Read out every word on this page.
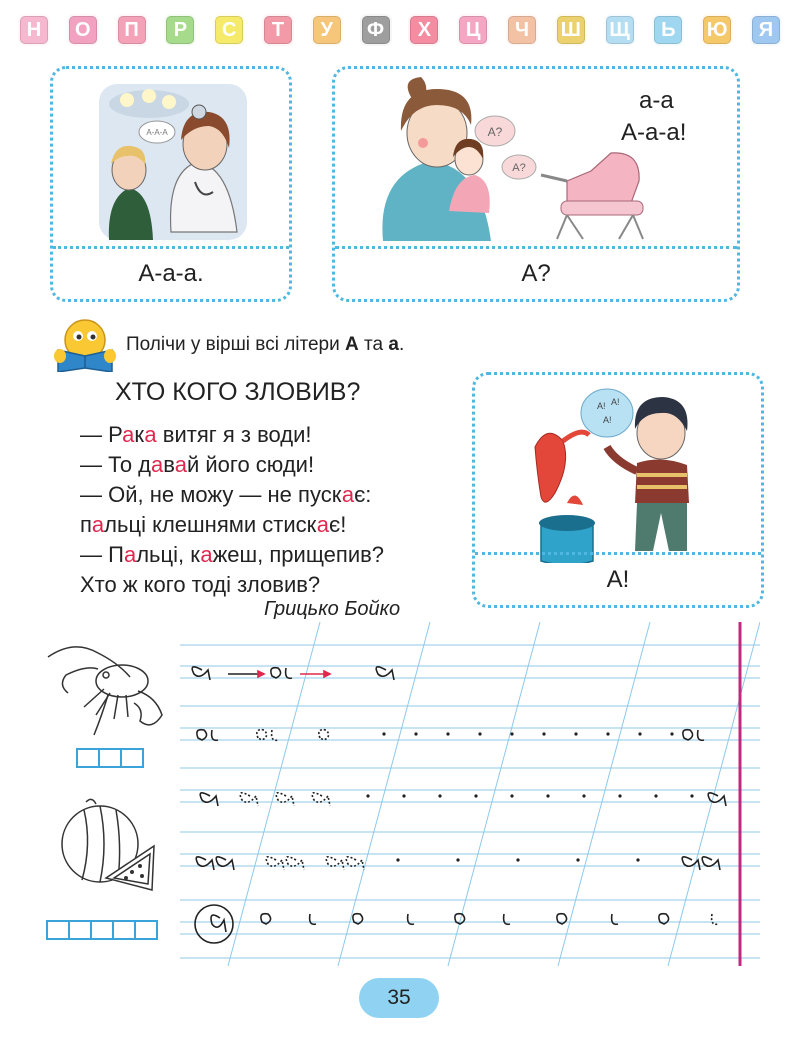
Н	О	П	Р	С	Т	У	Ф	Х	Ц	Ч	Ш Щ	Ь	Ю	Я
А-А-А
А-а-а.
А?
А?
а-а
А-а-а!
А?
Полічи у вірші всі літери А та а.
ХТО КОГО ЗЛОВИВ?
— Рака витяг я з води!
— То давай його сюди!
— Ой, не можу — не пускає:
пальці клешнями стискає!
— Пальці, кажеш, прищепив?
Хто ж кого тоді зловив?
Грицько Бойко
А! А!
А!
А!
35
